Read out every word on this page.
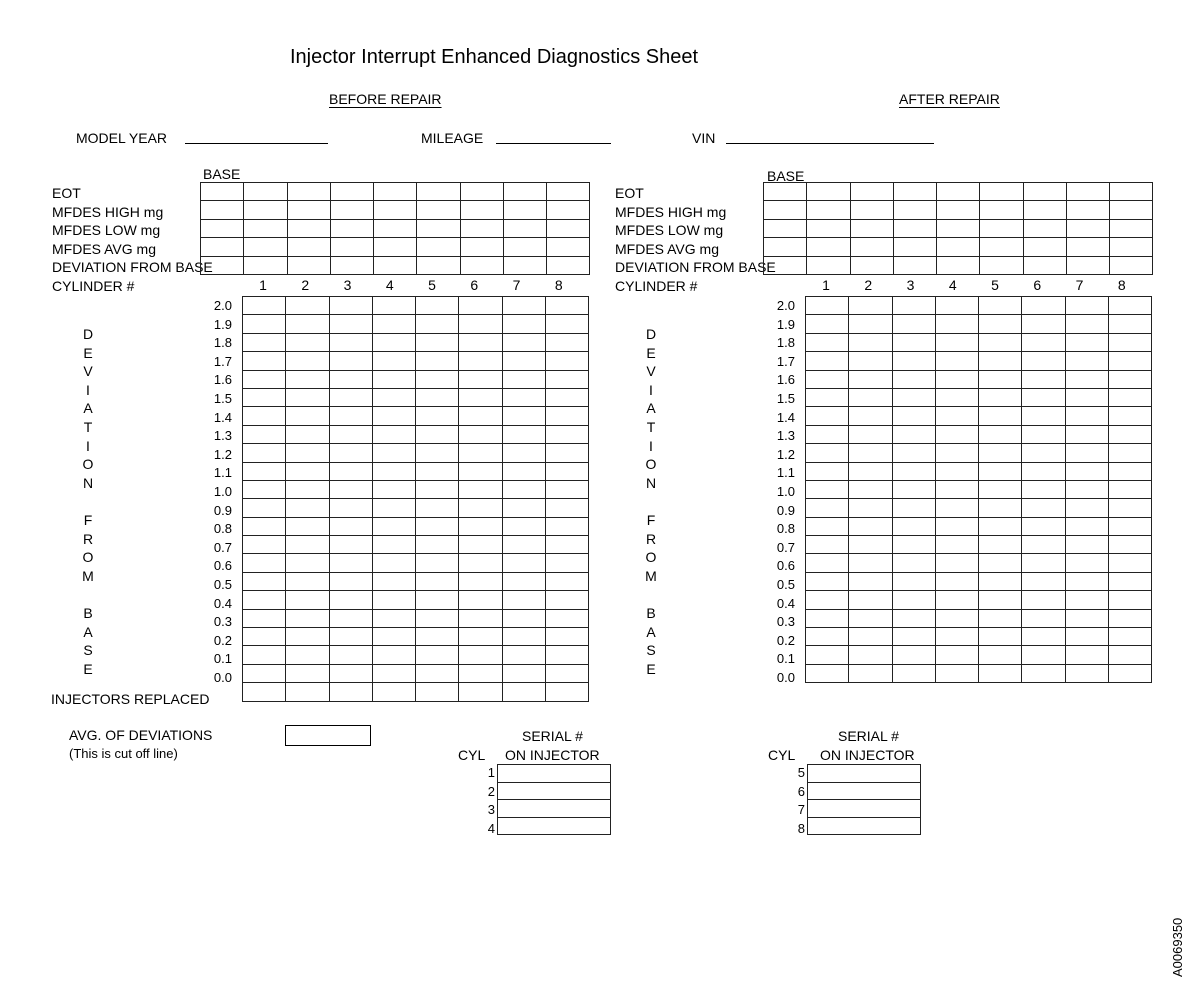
Injector Interrupt Enhanced Diagnostics Sheet
BEFORE REPAIR	AFTER REPAIR
MODEL YEAR	MILEAGE	VIN
BASE
EOT
MFDES HIGH mg
MFDES LOW mg
MFDES AVG mg
DEVIATION FROM BASE
CYLINDER #

									1	2	3	4	5	6	7	8
2.0
1.9
1.8
1.7
1.6
1.5
1.4
1.3
1.2
1.1
1.0
0.9
0.8
0.7
0.6
0.5
0.4
0.3
0.2
0.1
0.0
D
E
V
I
A
T
I
O
N
F
R
O
M
B
A
S
E

INJECTORS REPLACED
BASE
EOT
MFDES HIGH mg
MFDES LOW mg
MFDES AVG mg
DEVIATION FROM BASE
CYLINDER #

									1	2	3	4	5	6	7	8
2.0
1.9
1.8
1.7
1.6
1.5
1.4
1.3
1.2
1.1
1.0
0.9
0.8
0.7
0.6
0.5
0.4
0.3
0.2
0.1
0.0
D
E
V
I
A
T
I
O
N
F
R
O
M
B
A
S
E

AVG. OF DEVIATIONS
(This is cut off line)
SERIAL #
CYL ON INJECTOR
1
2
3
4

SERIAL #
CYL ON INJECTOR
5
6
7
8

A0069350
